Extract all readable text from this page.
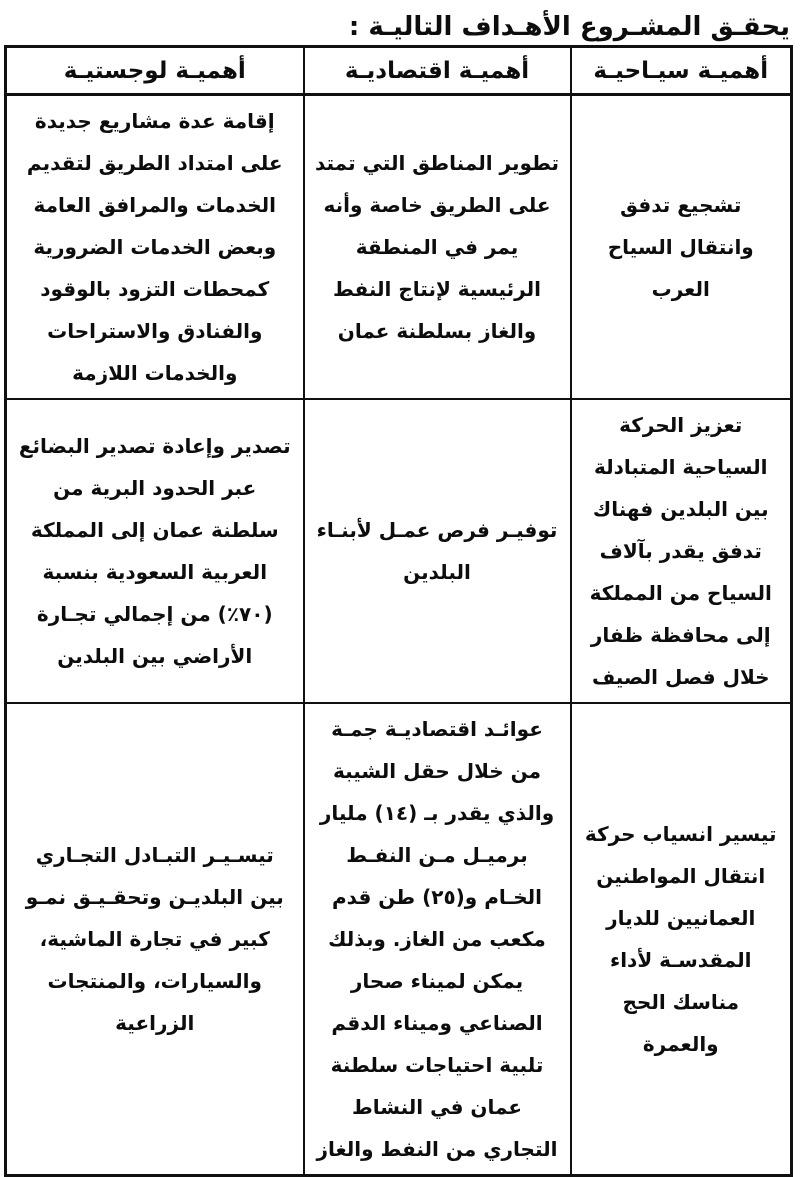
يحقـق المشـروع الأهـداف التاليـة :
أهميـة سيـاحيـة	أهميـة اقتصاديـة	أهميـة لوجستيـة
تشجيع تدفق وانتقال السياح العرب	تطوير المناطق التي تمتد على الطريق خاصة وأنه يمر في المنطقة الرئيسية لإنتاج النفط والغاز بسلطنة عمان	إقامة عدة مشاريع جديدة على امتداد الطريق لتقديم الخدمات والمرافق العامة وبعض الخدمات الضرورية كمحطات التزود بالوقود والفنادق والاستراحات والخدمات اللازمة
تعزيز الحركة السياحية المتبادلة بين البلدين فهناك تدفق يقدر بآلاف السياح من المملكة إلى محافظة ظفار خلال فصل الصيف	توفيـر فرص عمـل لأبنـاء البلدين	تصدير وإعادة تصدير البضائع عبر الحدود البرية من سلطنة عمان إلى المملكة العربية السعودية بنسبة (٧٠٪) من إجمالي تجـارة الأراضي بين البلدين
تيسير انسياب حركة انتقال المواطنين العمانيين للديار المقدسـة لأداء مناسك الحج والعمرة	عوائـد اقتصاديـة جمـة من خلال حقل الشيبة والذي يقدر بـ (١٤) مليار برميـل مـن النفـط الخـام و(٢٥) طن قدم مكعب من الغاز. وبذلك يمكن لميناء صحار الصناعي وميناء الدقم تلبية احتياجات سلطنة عمان في النشاط التجاري من النفط والغاز	تيسـيـر التبـادل التجـاري بين البلديـن وتحقـيـق نمـو كبير في تجارة الماشية، والسيارات، والمنتجات الزراعية
